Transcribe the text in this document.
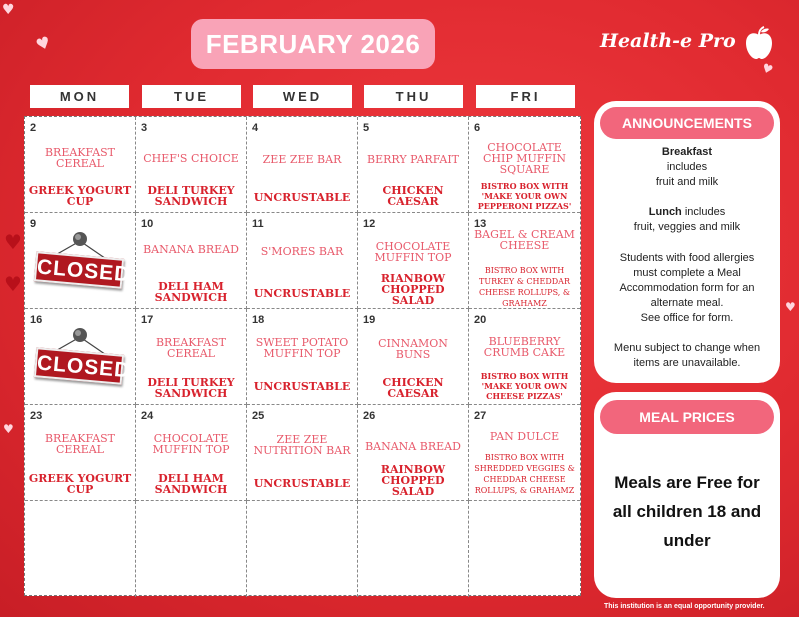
♥
♥
♥
♥
♥
♥
♥
FEBRUARY 2026	Health-e Pro
MON	TUE	WED	THU	FRI
2
BREAKFAST CEREAL
GREEK YOGURT CUP
3
CHEF'S CHOICE
DELI TURKEY SANDWICH
4
ZEE ZEE BAR
UNCRUSTABLE
5
BERRY PARFAIT
CHICKEN CAESAR
6
CHOCOLATE CHIP MUFFIN SQUARE
BISTRO BOX WITH 'MAKE YOUR OWN PEPPERONI PIZZAS'
9
CLOSED
10
BANANA BREAD
DELI HAM SANDWICH
11
S'MORES BAR
UNCRUSTABLE
12
CHOCOLATE MUFFIN TOP
RIANBOW CHOPPED SALAD
13
BAGEL & CREAM CHEESE
BISTRO BOX WITH TURKEY & CHEDDAR CHEESE ROLLUPS, & GRAHAMZ
16
CLOSED
17
BREAKFAST CEREAL
DELI TURKEY SANDWICH
18
SWEET POTATO MUFFIN TOP
UNCRUSTABLE
19
CINNAMON BUNS
CHICKEN CAESAR
20
BLUEBERRY CRUMB CAKE
BISTRO BOX WITH 'MAKE YOUR OWN CHEESE PIZZAS'
23
BREAKFAST CEREAL
GREEK YOGURT CUP
24
CHOCOLATE MUFFIN TOP
DELI HAM SANDWICH
25
ZEE ZEE NUTRITION BAR
UNCRUSTABLE
26
BANANA BREAD
RAINBOW CHOPPED SALAD
27
PAN DULCE
BISTRO BOX WITH SHREDDED VEGGIES & CHEDDAR CHEESE ROLLUPS, & GRAHAMZ
ANNOUNCEMENTS
Breakfast
includes
fruit and milk
Lunch includes
fruit, veggies and milk
Students with food allergies
must complete a Meal
Accommodation form for an
alternate meal.
See office for form.
Menu subject to change when
items are unavailable.
MEAL PRICES
Meals are Free for
all children 18 and
under
This institution is an equal opportunity provider.
